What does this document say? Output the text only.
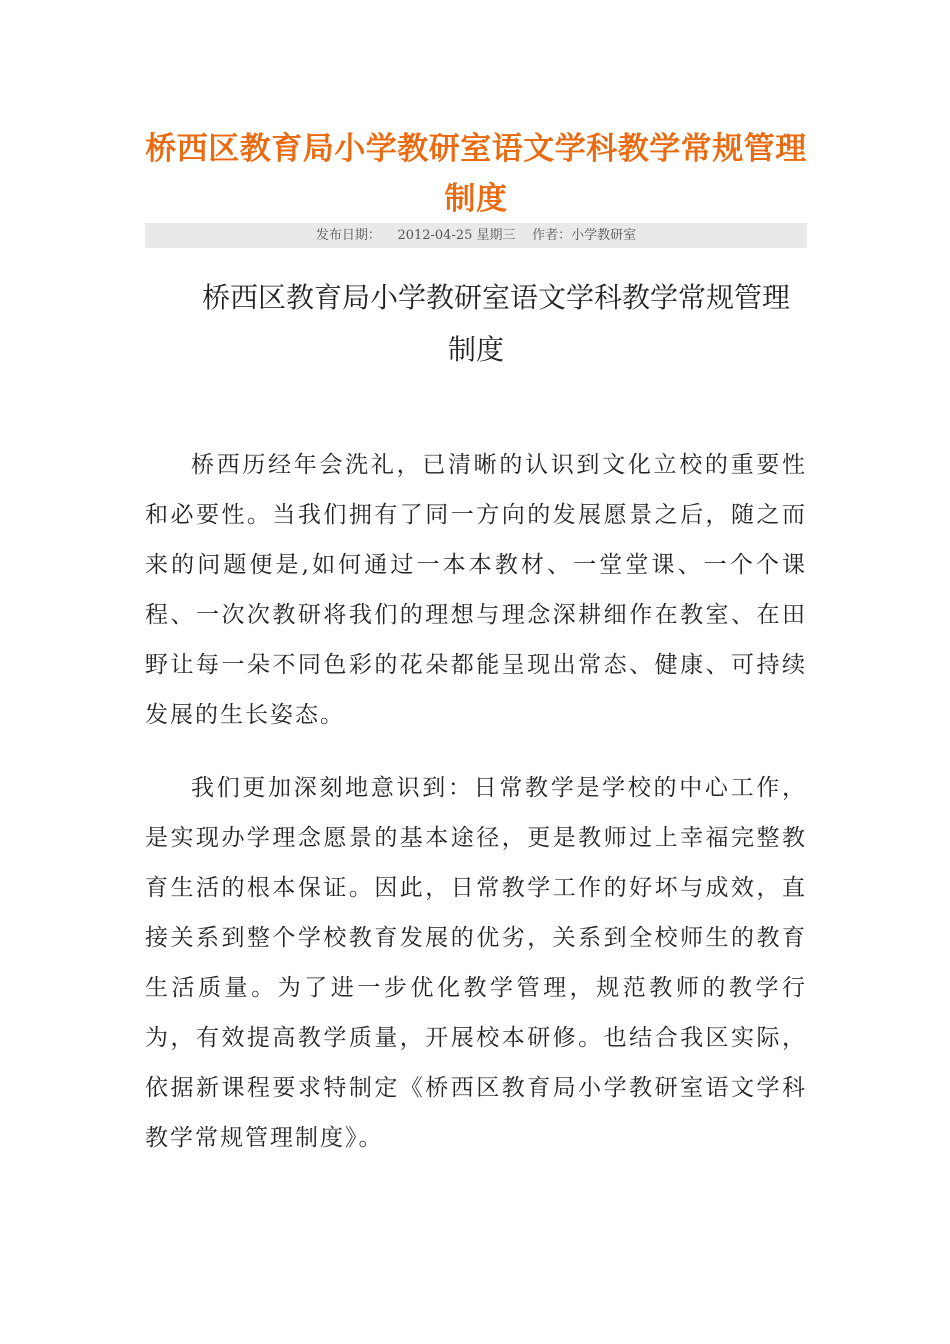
桥西区教育局小学教研室语文学科教学常规管理制度
发布日期： 2012-04-25 星期三 作者：小学教研室
桥西区教育局小学教研室语文学科教学常规管理
制度

桥西历经年会洗礼，已清晰的认识到文化立校的重要性和必要性。当我们拥有了同一方向的发展愿景之后，随之而来的问题便是,如何通过一本本教材、一堂堂课、一个个课程、一次次教研将我们的理想与理念深耕细作在教室、在田野让每一朵不同色彩的花朵都能呈现出常态、健康、可持续发展的生长姿态。

我们更加深刻地意识到：日常教学是学校的中心工作，是实现办学理念愿景的基本途径，更是教师过上幸福完整教育生活的根本保证。因此，日常教学工作的好坏与成效，直接关系到整个学校教育发展的优劣，关系到全校师生的教育生活质量。为了进一步优化教学管理，规范教师的教学行为，有效提高教学质量，开展校本研修。也结合我区实际，依据新课程要求特制定《桥西区教育局小学教研室语文学科教学常规管理制度》。
